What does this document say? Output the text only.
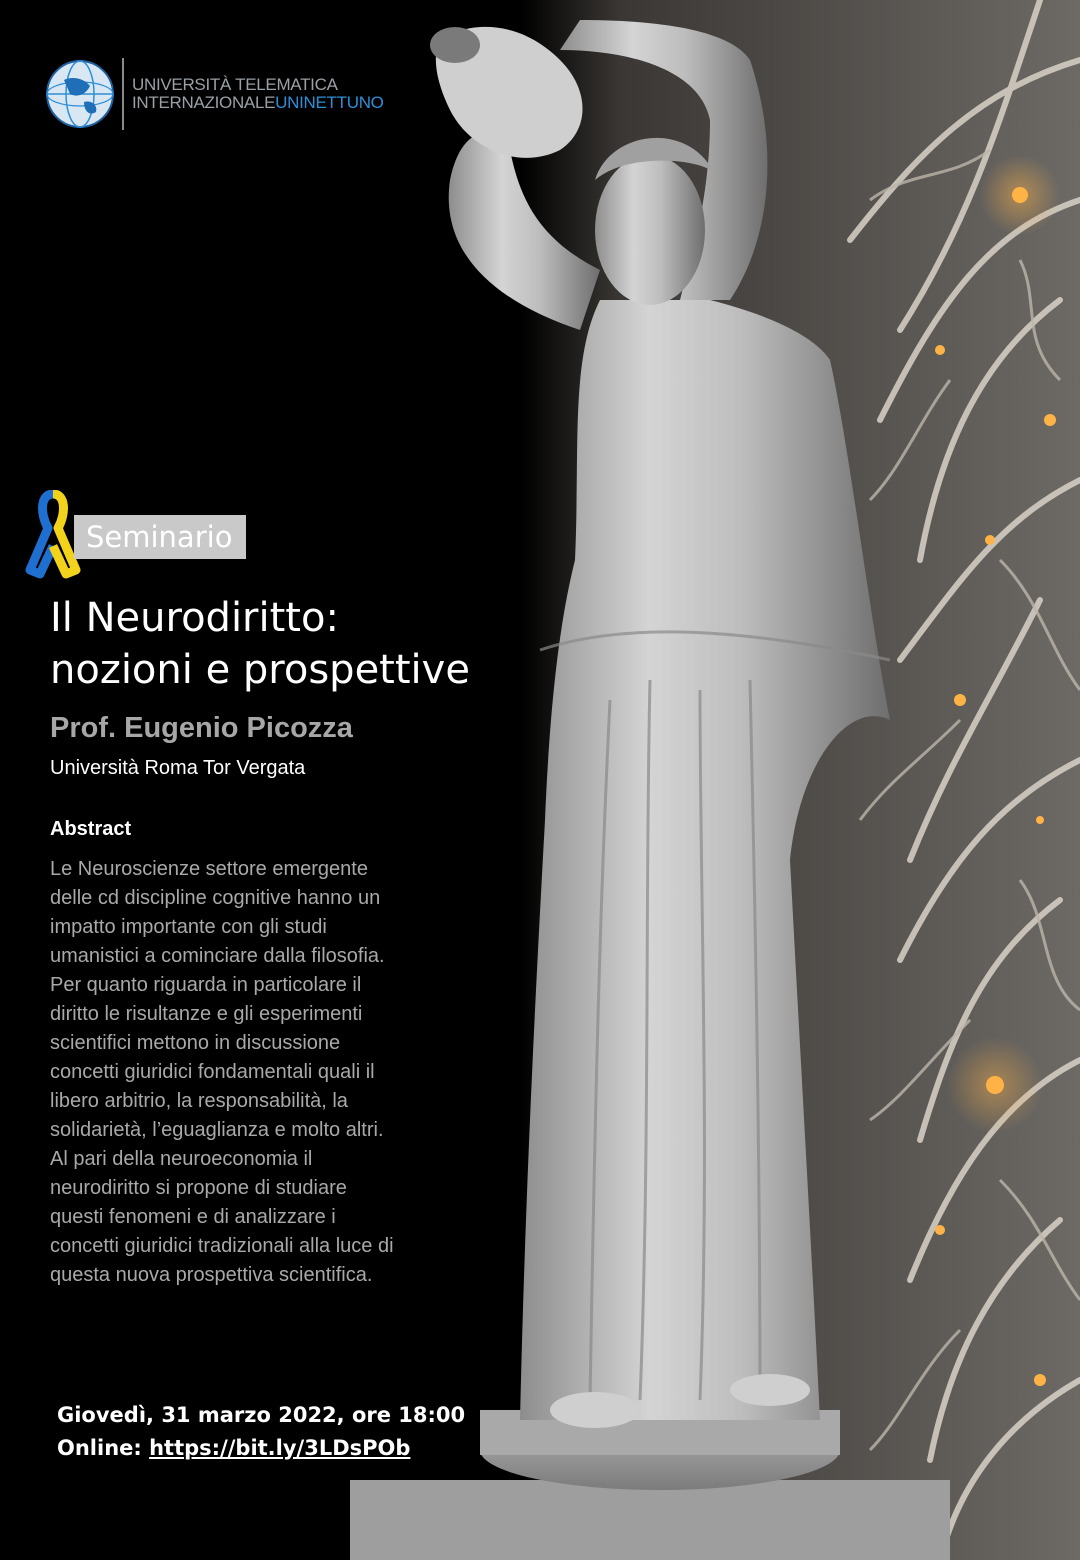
UNIVERSITÀ TELEMATICA
INTERNAZIONALEUNINETTUNO
Seminario
Il Neurodiritto:
nozioni e prospettive

Prof. Eugenio Picozza

Università Roma Tor Vergata

Abstract

Le Neuroscienze settore emergente
delle cd discipline cognitive hanno un
impatto importante con gli studi
umanistici a cominciare dalla filosofia.
Per quanto riguarda in particolare il
diritto le risultanze e gli esperimenti
scientifici mettono in discussione
concetti giuridici fondamentali quali il
libero arbitrio, la responsabilità, la
solidarietà, l’eguaglianza e molto altri.
Al pari della neuroeconomia il
neurodiritto si propone di studiare
questi fenomeni e di analizzare i
concetti giuridici tradizionali alla luce di
questa nuova prospettiva scientifica.
Giovedì, 31 marzo 2022, ore 18:00
Online: https://bit.ly/3LDsPOb
